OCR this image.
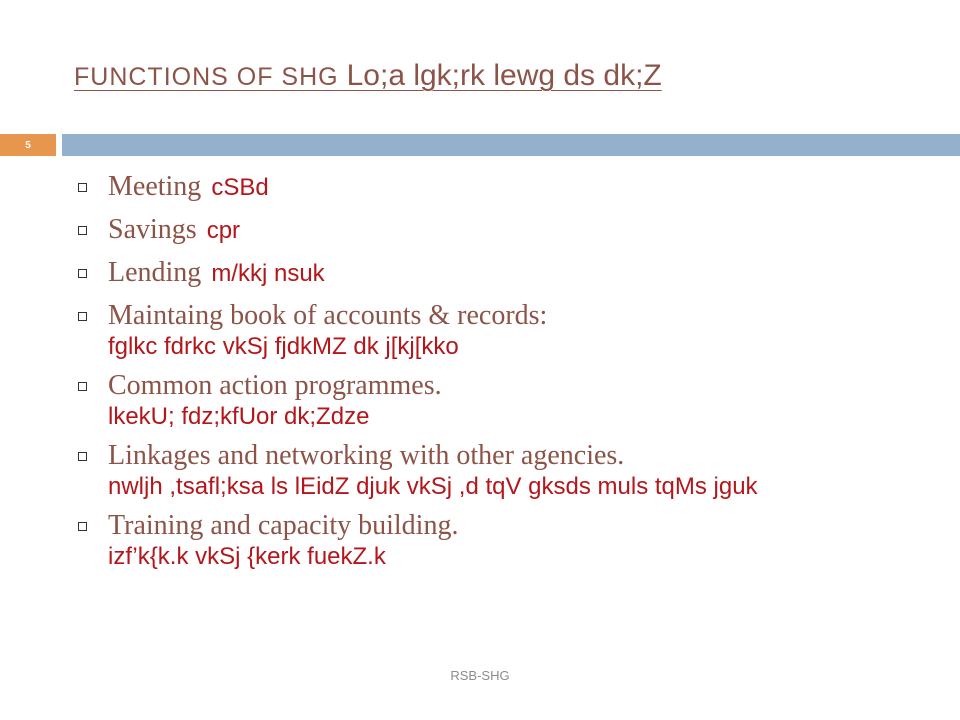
FUNCTIONS OF SHG Lo;a lgk;rk lewg ds dk;Z
5
Meeting cSBd
Savings cpr
Lending m/kkj nsuk
Maintaing book of accounts & records:
fglkc fdrkc vkSj fjdkMZ dk j[kj[kko
Common action programmes.
lkekU; fdz;kfUor dk;Zdze
Linkages and networking with other agencies.
nwljh ,tsafl;ksa ls lEidZ djuk vkSj ,d tqV gksds muls tqMs jguk
Training and capacity building.
izf’k{k.k vkSj {kerk fuekZ.k
RSB-SHG
